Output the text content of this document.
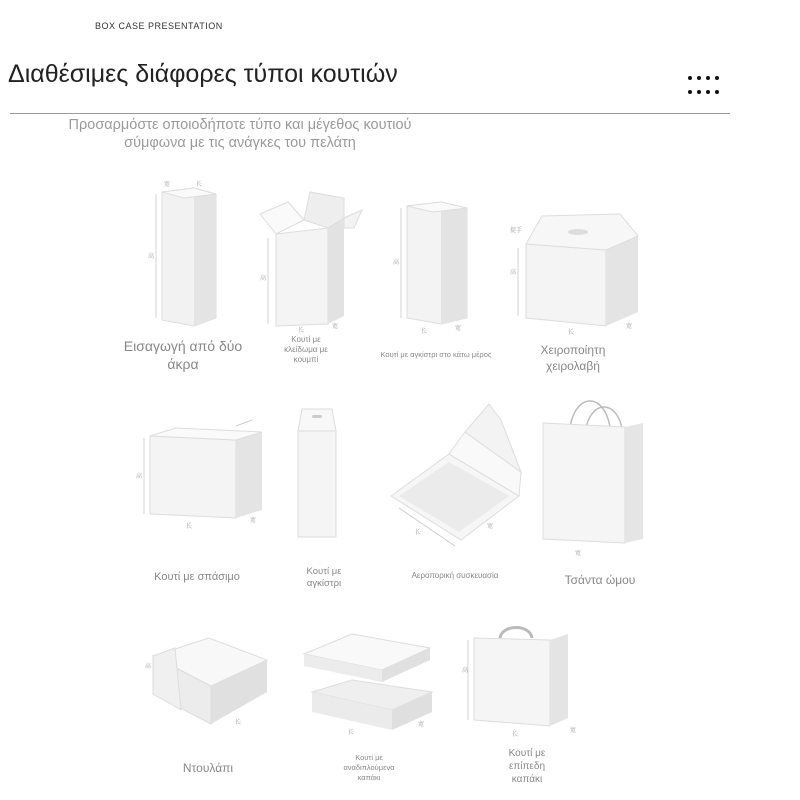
BOX CASE PRESENTATION
Διαθέσιμες διάφορες τύποι κουτιών
Προσαρμόστε οποιοδήποτε τύπο και μέγεθος κουτιού
σύμφωνα με τις ανάγκες του πελάτη
高
宽	长
Εισαγωγή από δύο άκρα
高
长
宽
Κουτί με κλείδωμα με κουμπί
高
长	宽
Κουτί με αγκίστρι στο κάτω μέρος
提手
高
长
宽
Χειροποίητη χειρολαβή
高
长
宽
Κουτί με σπάσιμο	Κουτί με αγκίστρι
长
宽
Αεροπορική συσκευασία
宽
Τσάντα ώμου
高
长
Ντουλάπι
长
宽
Κουτί με αναδιπλούμενα καπάκι
高
长
宽
Κουτί με επίπεδη καπάκι
